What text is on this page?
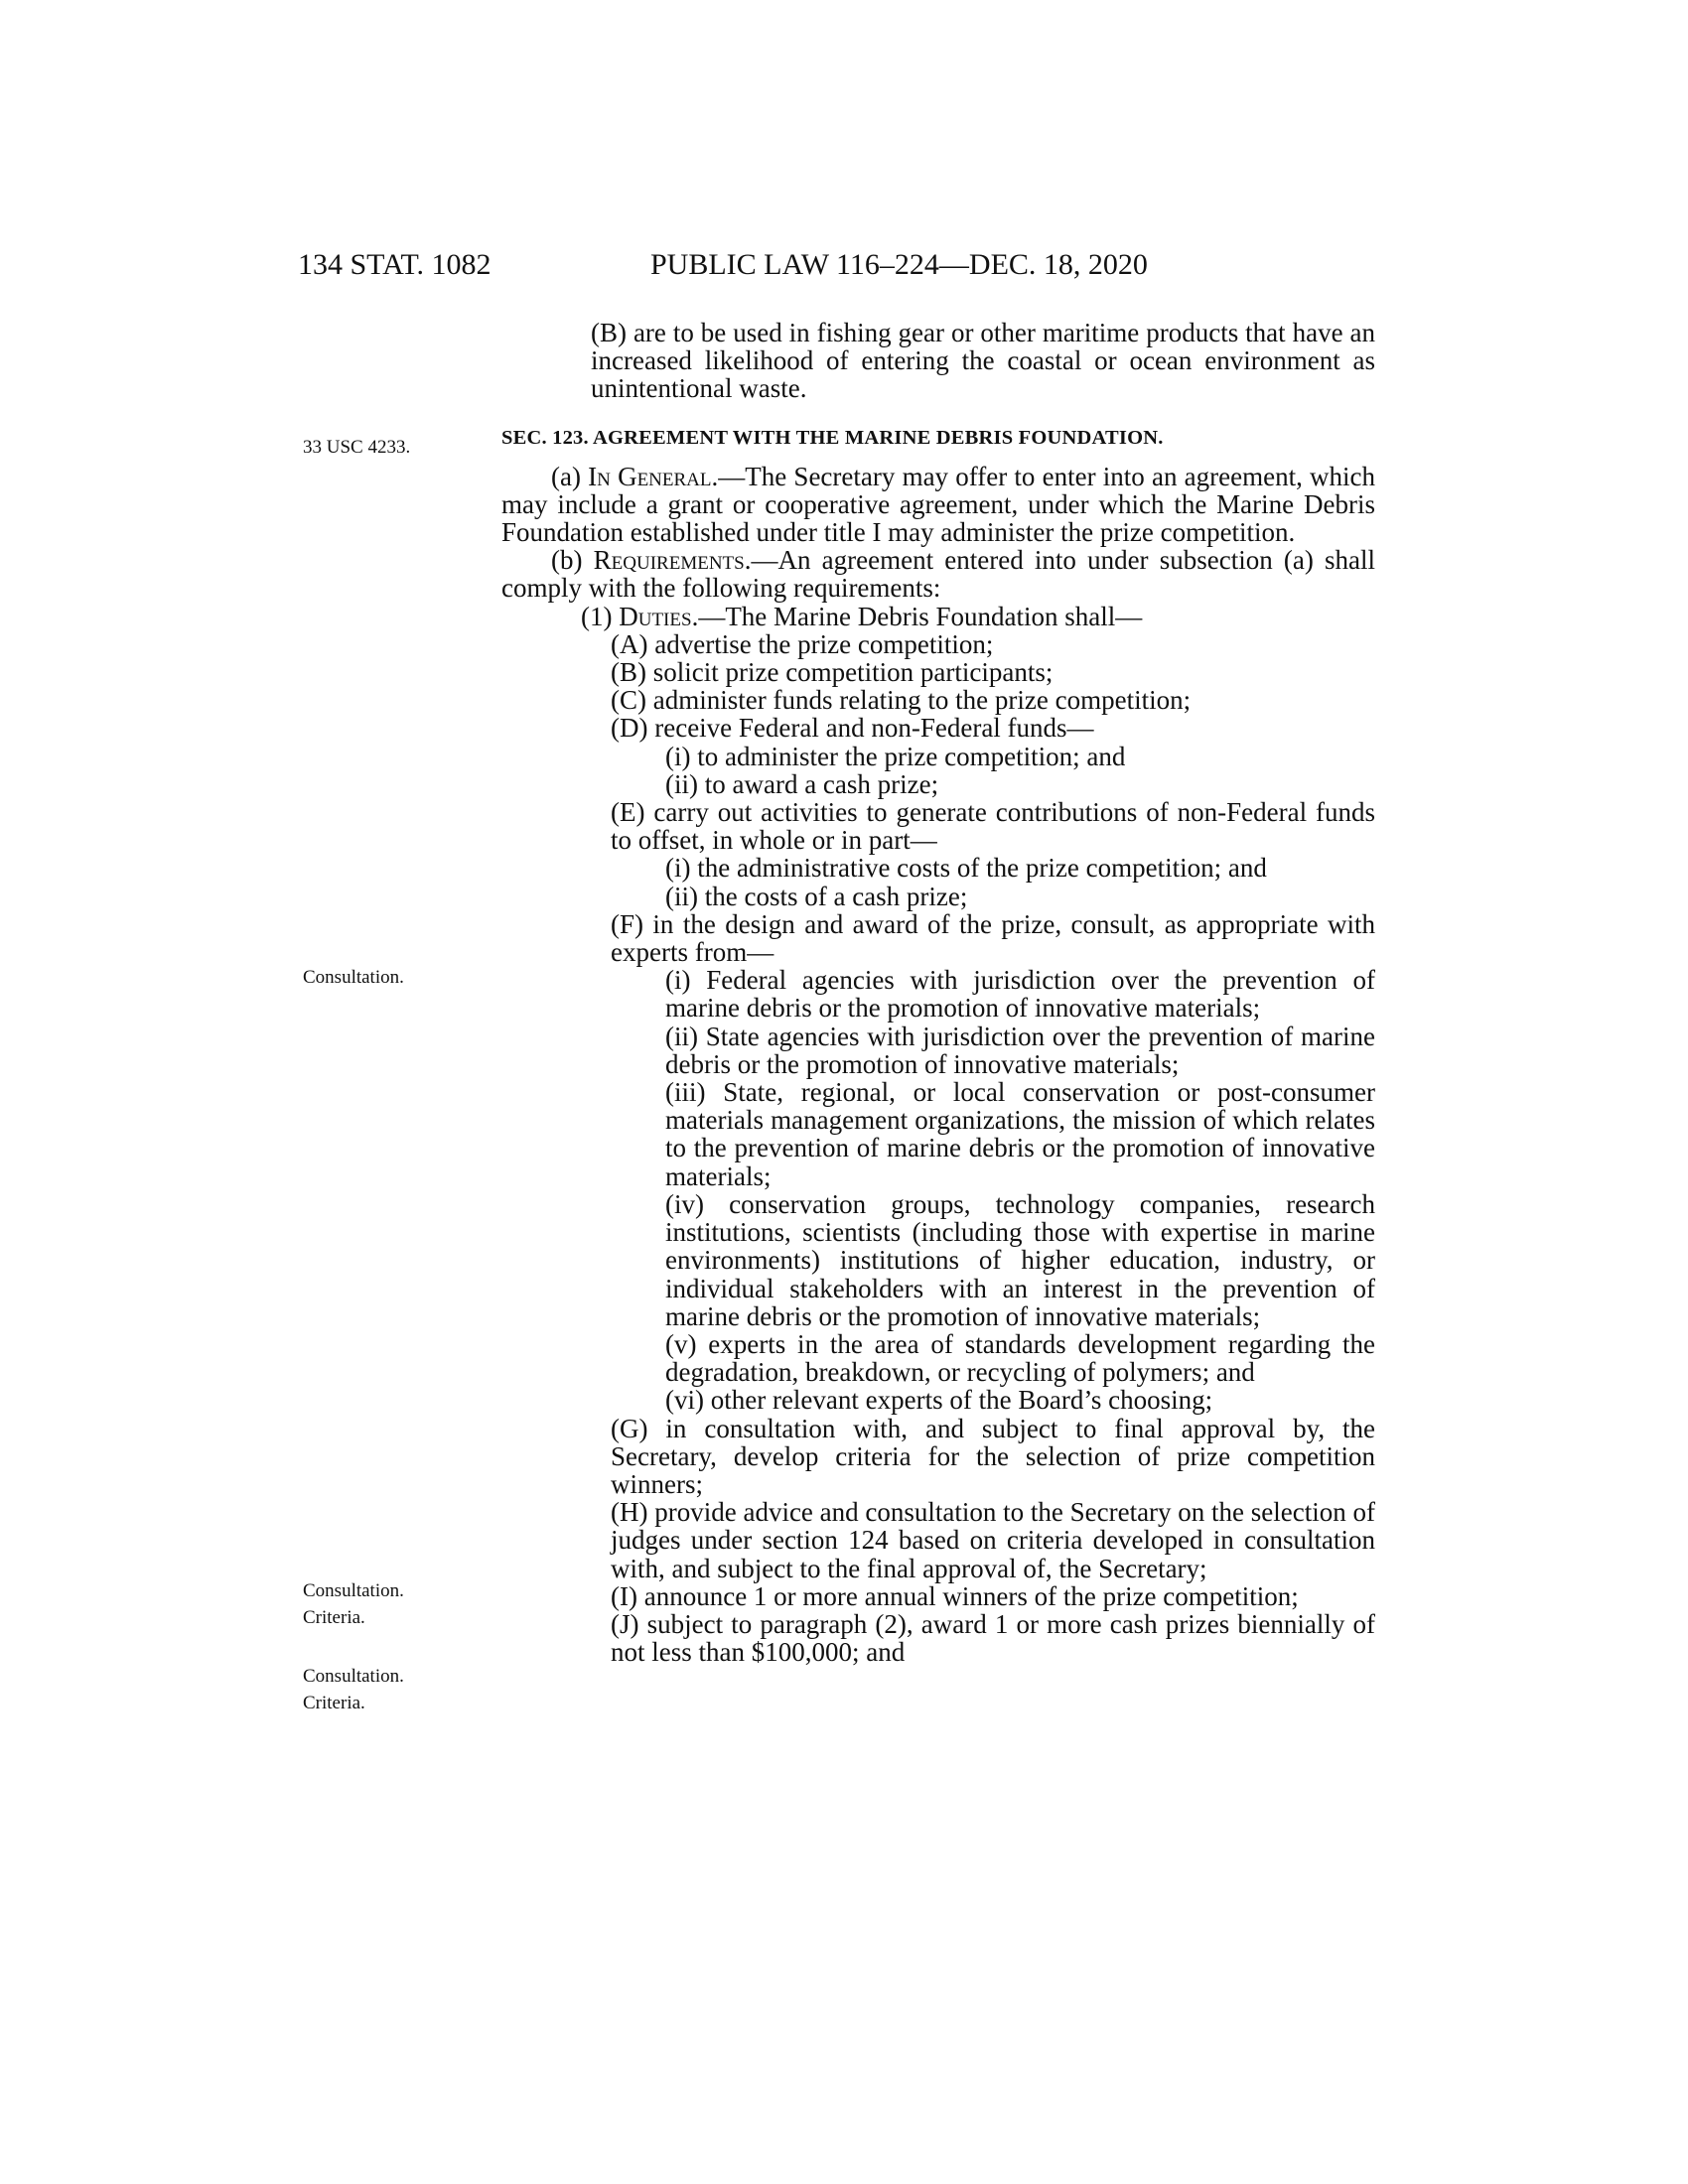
134 STAT. 1082	PUBLIC LAW 116–224—DEC. 18, 2020
33 USC 4233.
Consultation.
Consultation.
Criteria.
Consultation.
Criteria.

(B) are to be used in fishing gear or other maritime products that have an increased likelihood of entering the coastal or ocean environment as unintentional waste.

SEC. 123. AGREEMENT WITH THE MARINE DEBRIS FOUNDATION.

(a) In General.—The Secretary may offer to enter into an agreement, which may include a grant or cooperative agreement, under which the Marine Debris Foundation established under title I may administer the prize competition.

(b) Requirements.—An agreement entered into under subsection (a) shall comply with the following requirements:

(1) Duties.—The Marine Debris Foundation shall—

(A) advertise the prize competition;

(B) solicit prize competition participants;

(C) administer funds relating to the prize competition;

(D) receive Federal and non-Federal funds—

(i) to administer the prize competition; and

(ii) to award a cash prize;

(E) carry out activities to generate contributions of non-Federal funds to offset, in whole or in part—

(i) the administrative costs of the prize competition; and

(ii) the costs of a cash prize;

(F) in the design and award of the prize, consult, as appropriate with experts from—

(i) Federal agencies with jurisdiction over the prevention of marine debris or the promotion of innovative materials;

(ii) State agencies with jurisdiction over the prevention of marine debris or the promotion of innovative materials;

(iii) State, regional, or local conservation or post-consumer materials management organizations, the mission of which relates to the prevention of marine debris or the promotion of innovative materials;

(iv) conservation groups, technology companies, research institutions, scientists (including those with expertise in marine environments) institutions of higher education, industry, or individual stakeholders with an interest in the prevention of marine debris or the promotion of innovative materials;

(v) experts in the area of standards development regarding the degradation, breakdown, or recycling of polymers; and

(vi) other relevant experts of the Board’s choosing;

(G) in consultation with, and subject to final approval by, the Secretary, develop criteria for the selection of prize competition winners;

(H) provide advice and consultation to the Secretary on the selection of judges under section 124 based on criteria developed in consultation with, and subject to the final approval of, the Secretary;

(I) announce 1 or more annual winners of the prize competition;

(J) subject to paragraph (2), award 1 or more cash prizes biennially of not less than $100,000; and
